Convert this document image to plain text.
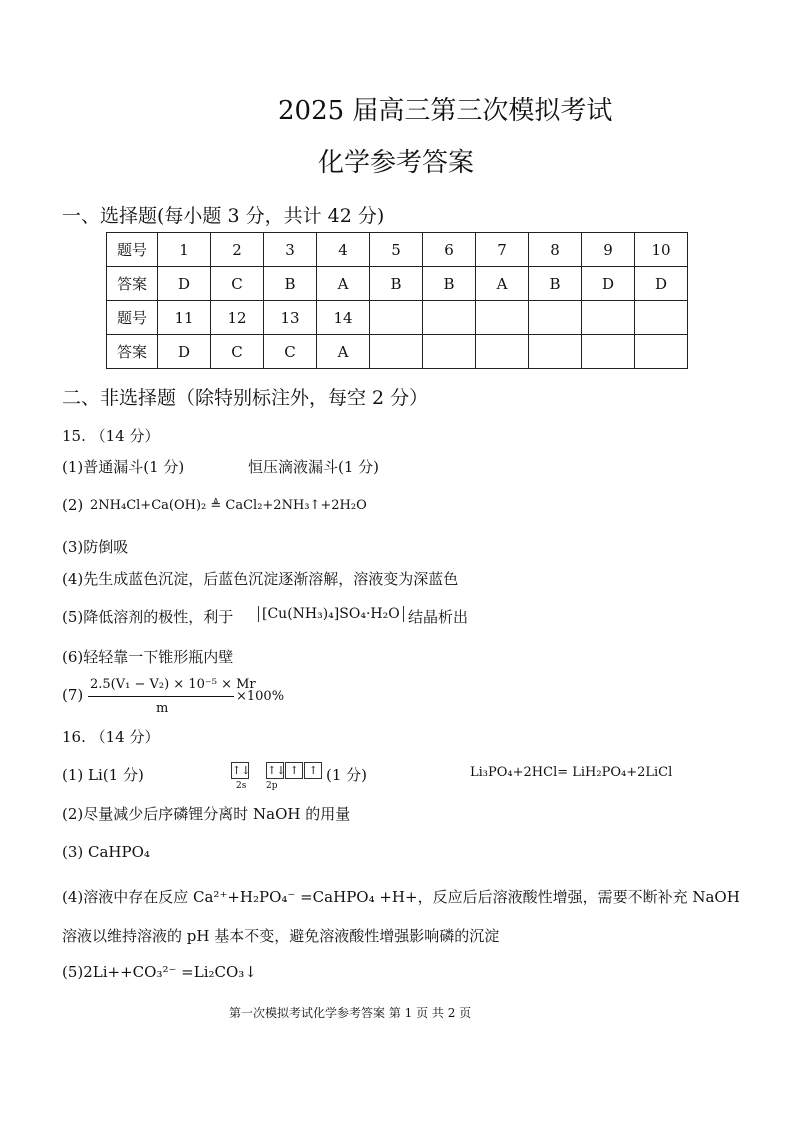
2025 届高三第三次模拟考试
化学参考答案
一、选择题(每小题 3 分，共计 42 分)
题号	1	2	3	4	5	6	7	8	9	10
答案	D	C	B	A	B	B	A	B	D	D
题号	11	12	13	14						
答案	D	C	C	A						
二、非选择题（除特别标注外，每空 2 分）
15. （14 分）
(1)普通漏斗(1 分)	恒压滴液漏斗(1 分)
(2) 2NH₄Cl+Ca(OH)₂ ≜ CaCl₂+2NH₃↑+2H₂O
(3)防倒吸
(4)先生成蓝色沉淀，后蓝色沉淀逐渐溶解，溶液变为深蓝色
(5)降低溶剂的极性，利于 [Cu(NH₃)₄]SO₄·H₂O 结晶析出
(6)轻轻靠一下锥形瓶内壁
(7)
2.5(V₁ − V₂) × 10⁻⁵ × Mr
m
×100%
16. （14 分）
(1) Li(1 分)	↑↓ ↑↓ ↑ ↑
2s 2p
(1 分)	Li₃PO₄+2HCl= LiH₂PO₄+2LiCl
(2)尽量减少后序磷锂分离时 NaOH 的用量
(3) CaHPO₄
(4)溶液中存在反应 Ca²⁺+H₂PO₄⁻ =CaHPO₄ +H+，反应后后溶液酸性增强，需要不断补充 NaOH
溶液以维持溶液的 pH 基本不变，避免溶液酸性增强影响磷的沉淀
(5)2Li++CO₃²⁻ =Li₂CO₃↓
第一次模拟考试化学参考答案 第 1 页 共 2 页
